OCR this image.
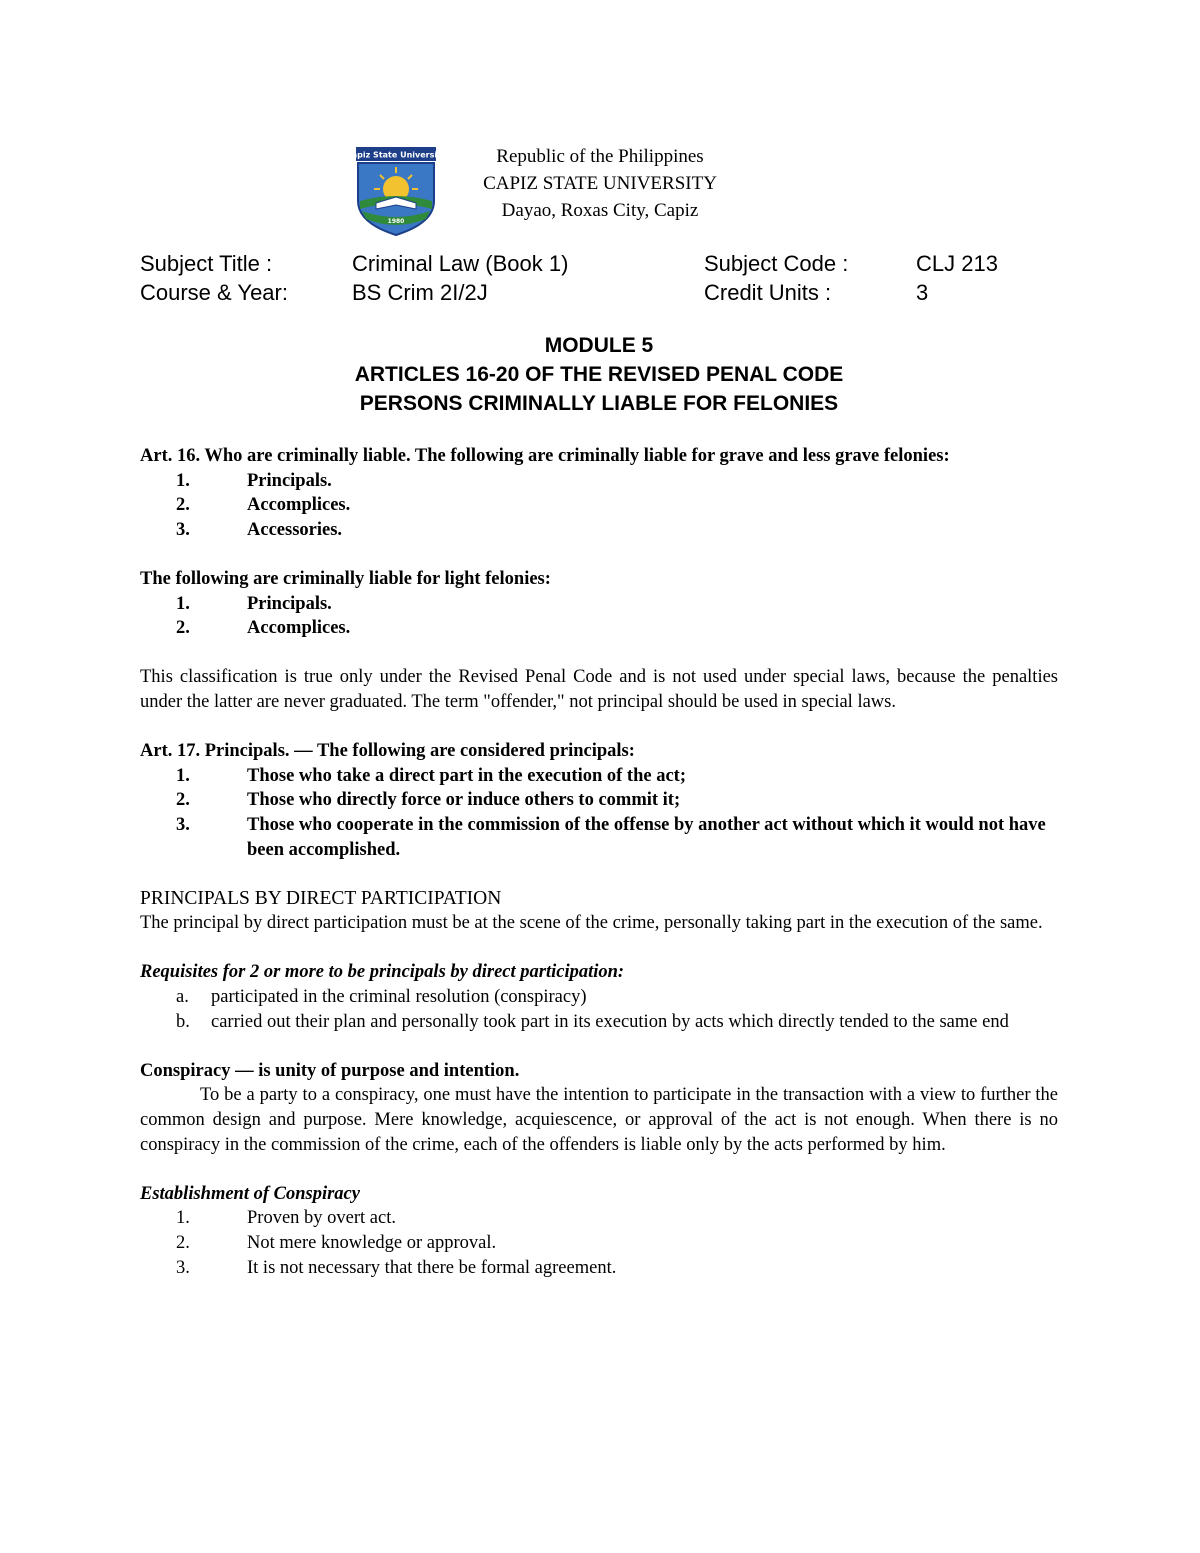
Capiz State University
1980
Republic of the Philippines
CAPIZ STATE UNIVERSITY
Dayao, Roxas City, Capiz
Subject Title :	Criminal Law (Book 1)	Subject Code :	CLJ 213
Course & Year:	BS Crim 2I/2J	Credit Units :	3
MODULE 5
ARTICLES 16-20 OF THE REVISED PENAL CODE
PERSONS CRIMINALLY LIABLE FOR FELONIES

Art. 16. Who are criminally liable. The following are criminally liable for grave and less grave felonies:

1.	Principals.
2.	Accomplices.
3.	Accessories.

The following are criminally liable for light felonies:

1.	Principals.
2.	Accomplices.

This classification is true only under the Revised Penal Code and is not used under special laws, because the penalties under the latter are never graduated. The term "offender," not principal should be used in special laws.

Art. 17. Principals. — The following are considered principals:

1.	Those who take a direct part in the execution of the act;
2.	Those who directly force or induce others to commit it;
3.	Those who cooperate in the commission of the offense by another act without which it would not have been accomplished.

PRINCIPALS BY DIRECT PARTICIPATION

The principal by direct participation must be at the scene of the crime, personally taking part in the execution of the same.

Requisites for 2 or more to be principals by direct participation:

a. participated in the criminal resolution (conspiracy)
b. carried out their plan and personally took part in its execution by acts which directly tended to the same end

Conspiracy — is unity of purpose and intention.

To be a party to a conspiracy, one must have the intention to participate in the transaction with a view to further the common design and purpose. Mere knowledge, acquiescence, or approval of the act is not enough. When there is no conspiracy in the commission of the crime, each of the offenders is liable only by the acts performed by him.

Establishment of Conspiracy

1.	Proven by overt act.
2.	Not mere knowledge or approval.
3.	It is not necessary that there be formal agreement.
